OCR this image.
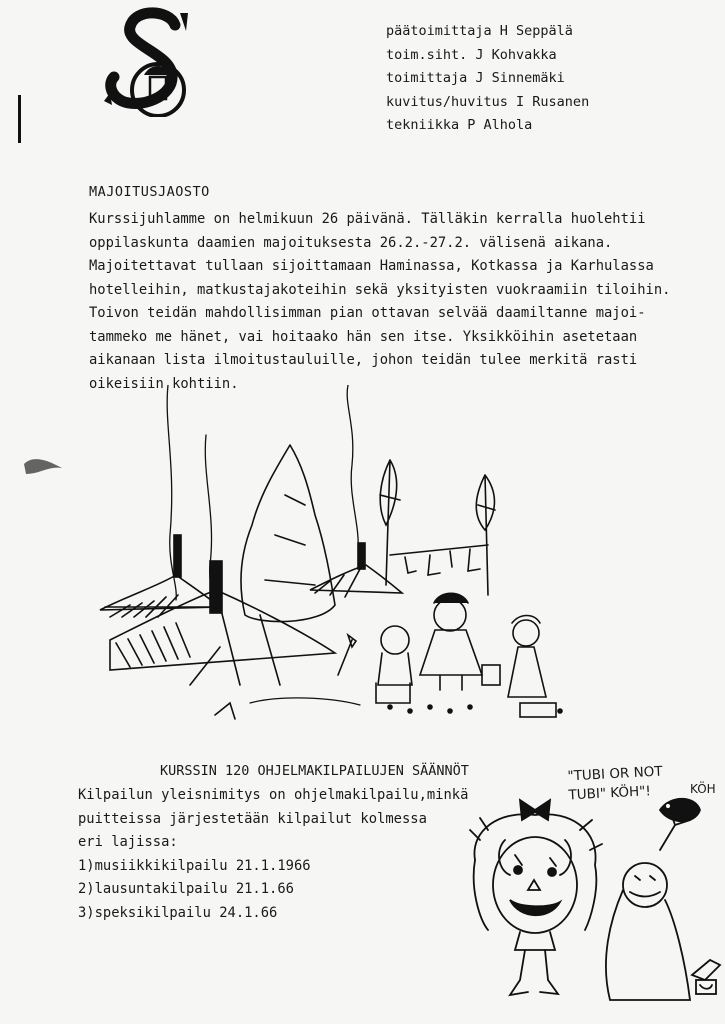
päätoimittaja H Seppälä
toim.siht. J Kohvakka
toimittaja J Sinnemäki
kuvitus/huvitus I Rusanen
tekniikka P Alhola
MAJOITUSJAOSTO
Kurssijuhlamme on helmikuun 26 päivänä. Tälläkin kerralla huolehtii
oppilaskunta daamien majoituksesta 26.2.-27.2. välisenä aikana.
Majoitettavat tullaan sijoittamaan Haminassa, Kotkassa ja Karhulassa
hotelleihin, matkustajakoteihin sekä yksityisten vuokraamiin tiloihin.
Toivon teidän mahdollisimman pian ottavan selvää daamiltanne majoi-
tammeko me hänet, vai hoitaako hän sen itse. Yksikköihin asetetaan
aikanaan lista ilmoitustauluille, johon teidän tulee merkitä rasti
oikeisiin kohtiin.
KURSSIN 120 OHJELMAKILPAILUJEN SÄÄNNÖT
Kilpailun yleisnimitys on ohjelmakilpailu,minkä
puitteissa järjestetään kilpailut kolmessa
eri lajissa:
1)musiikkikilpailu 21.1.1966
2)lausuntakilpailu 21.1.66
3)speksikilpailu 24.1.66
"TUBI OR NOT
TUBI" KÖH"!	KÖH
